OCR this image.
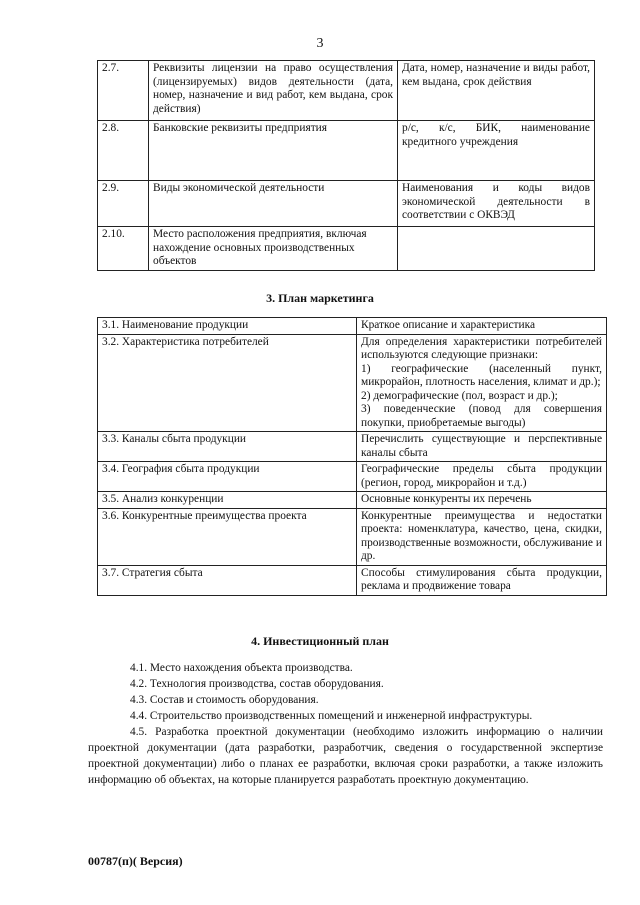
3
2.7.	Реквизиты лицензии на право осуществления (лицензируемых) видов деятельности (дата, номер, назначение и вид работ, кем выдана, срок действия)	Дата, номер, назначение и виды работ, кем выдана, срок действия
2.8.	Банковские реквизиты предприятия	р/с, к/с, БИК, наименование кредитного учреждения
2.9.	Виды экономической деятельности	Наименования и коды видов экономической деятельности в соответствии с ОКВЭД
2.10.	Место расположения предприятия, включая нахождение основных производственных объектов	
3. План маркетинга
3.1. Наименование продукции	Краткое описание и характеристика
3.2. Характеристика потребителей	Для определения характеристики потребителей используются следующие признаки:
1) географические (населенный пункт, микрорайон, плотность населения, климат и др.);
2) демографические (пол, возраст и др.);
3) поведенческие (повод для совершения покупки, приобретаемые выгоды)

3.3. Каналы сбыта продукции	Перечислить существующие и перспективные каналы сбыта
3.4. География сбыта продукции	Географические пределы сбыта продукции (регион, город, микрорайон и т.д.)
3.5. Анализ конкуренции	Основные конкуренты их перечень
3.6. Конкурентные преимущества проекта	Конкурентные преимущества и недостатки проекта: номенклатура, качество, цена, скидки, производственные возможности, обслуживание и др.
3.7. Стратегия сбыта	Способы стимулирования сбыта продукции, реклама и продвижение товара
4. Инвестиционный план

4.1. Место нахождения объекта производства.

4.2. Технология производства, состав оборудования.

4.3. Состав и стоимость оборудования.

4.4. Строительство производственных помещений и инженерной инфраструктуры.

4.5. Разработка проектной документации (необходимо изложить информацию о наличии проектной документации (дата разработки, разработчик, сведения о государственной экспертизе проектной документации) либо о планах ее разработки, включая сроки разработки, а также изложить информацию об объектах, на которые планируется разработать проектную документацию.

00787(п)( Версия)
